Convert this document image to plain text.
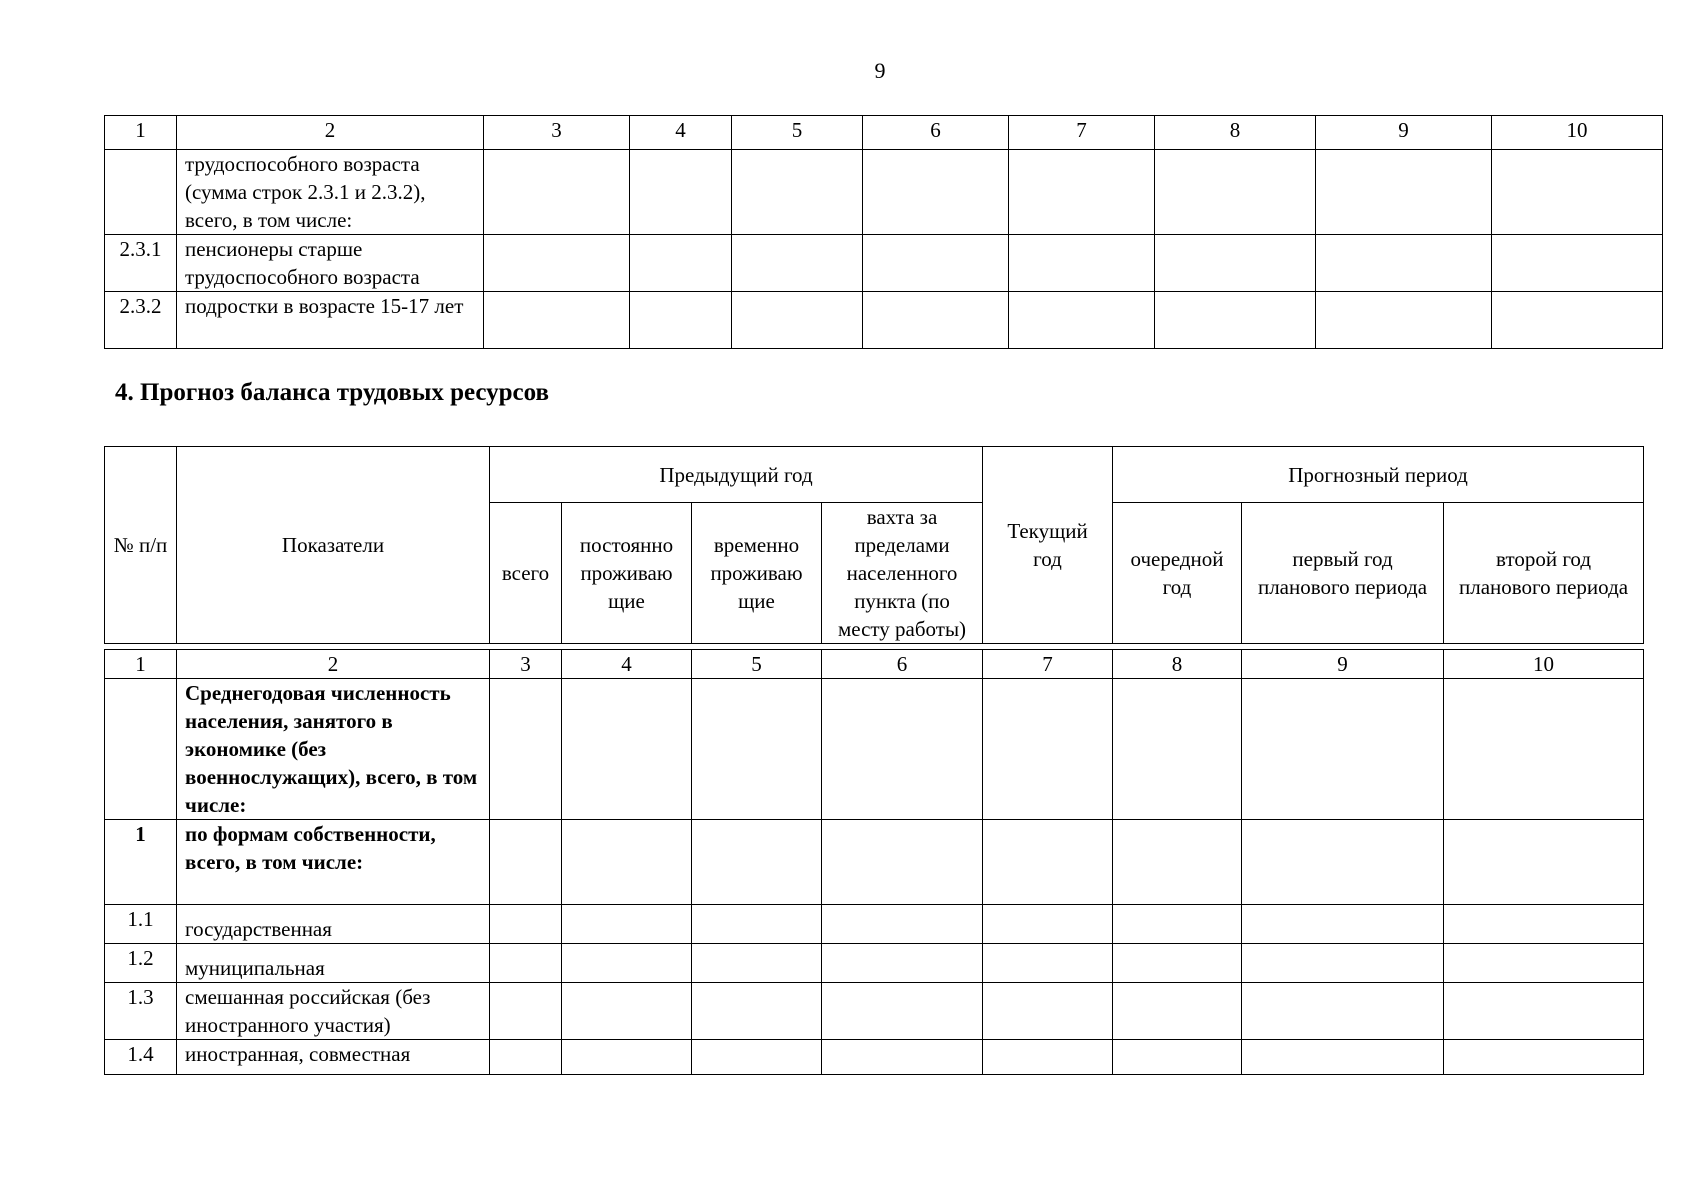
9
1	2	3	4	5	6	7	8	9	10
	трудоспособного возраста (сумма строк 2.3.1 и 2.3.2), всего, в том числе:								
2.3.1	пенсионеры старше трудоспособного возраста								
2.3.2	подростки в возрасте 15-17 лет								
4. Прогноз баланса трудовых ресурсов
№ п/п	Показатели	Предыдущий год				Текущий год	Прогнозный период		
		всего	постоянно проживаю щие	временно проживаю щие	вахта за пределами населенного пункта (по месту работы)		очередной год	первый год планового периода	второй год планового периода
1	2	3	4	5	6	7	8	9	10
	Среднегодовая численность населения, занятого в экономике (без военнослужащих), всего, в том числе:								
1	по формам собственности, всего, в том числе:								
1.1	государственная								
1.2	муниципальная								
1.3	смешанная российская (без иностранного участия)								
1.4	иностранная, совместная								
